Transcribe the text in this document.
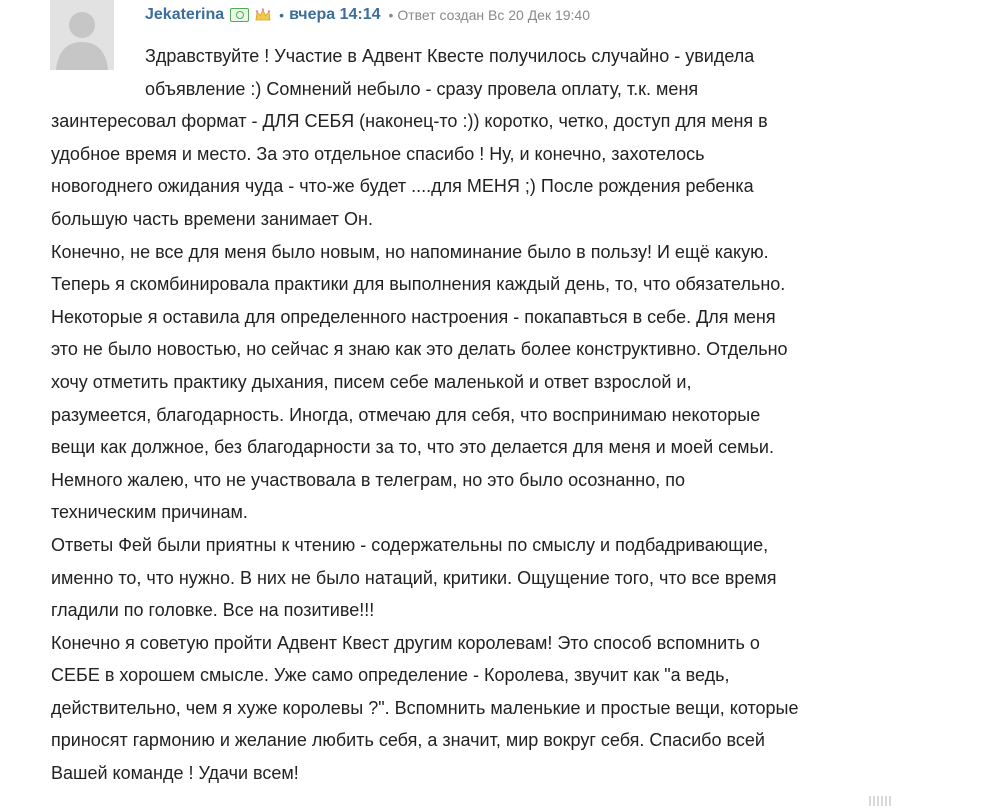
Jekaterina	• вчера 14:14 • Ответ создан Вс 20 Дек 19:40
Здравствуйте ! Участие в Адвент Квесте получилось случайно - увидела
объявление :) Сомнений небыло - сразу провела оплату, т.к. меня
заинтересовал формат - ДЛЯ СЕБЯ (наконец-то :)) коротко, четко, доступ для меня в
удобное время и место. За это отдельное спасибо ! Ну, и конечно, захотелось
новогоднего ожидания чуда - что-же будет ....для МЕНЯ ;) После рождения ребенка
большую часть времени занимает Он.
Конечно, не все для меня было новым, но напоминание было в пользу! И ещё какую.
Теперь я скомбинировала практики для выполнения каждый день, то, что обязательно.
Некоторые я оставила для определенного настроения - покапавться в себе. Для меня
это не было новостью, но сейчас я знаю как это делать более конструктивно. Отдельно
хочу отметить практику дыхания, писем себе маленькой и ответ взрослой и,
разумеется, благодарность. Иногда, отмечаю для себя, что воспринимаю некоторые
вещи как должное, без благодарности за то, что это делается для меня и моей семьи.
Немного жалею, что не участвовала в телеграм, но это было осознанно, по
техническим причинам.
Ответы Фей были приятны к чтению - содержательны по смыслу и подбадривающие,
именно то, что нужно. В них не было натаций, критики. Ощущение того, что все время
гладили по головке. Все на позитиве!!!
Конечно я советую пройти Адвент Квест другим королевам! Это способ вспомнить о
СЕБЕ в хорошем смысле. Уже само определение - Королева, звучит как "а ведь,
действительно, чем я хуже королевы ?". Вспомнить маленькие и простые вещи, которые
приносят гармонию и желание любить себя, а значит, мир вокруг себя. Спасибо всей
Вашей команде ! Удачи всем!
